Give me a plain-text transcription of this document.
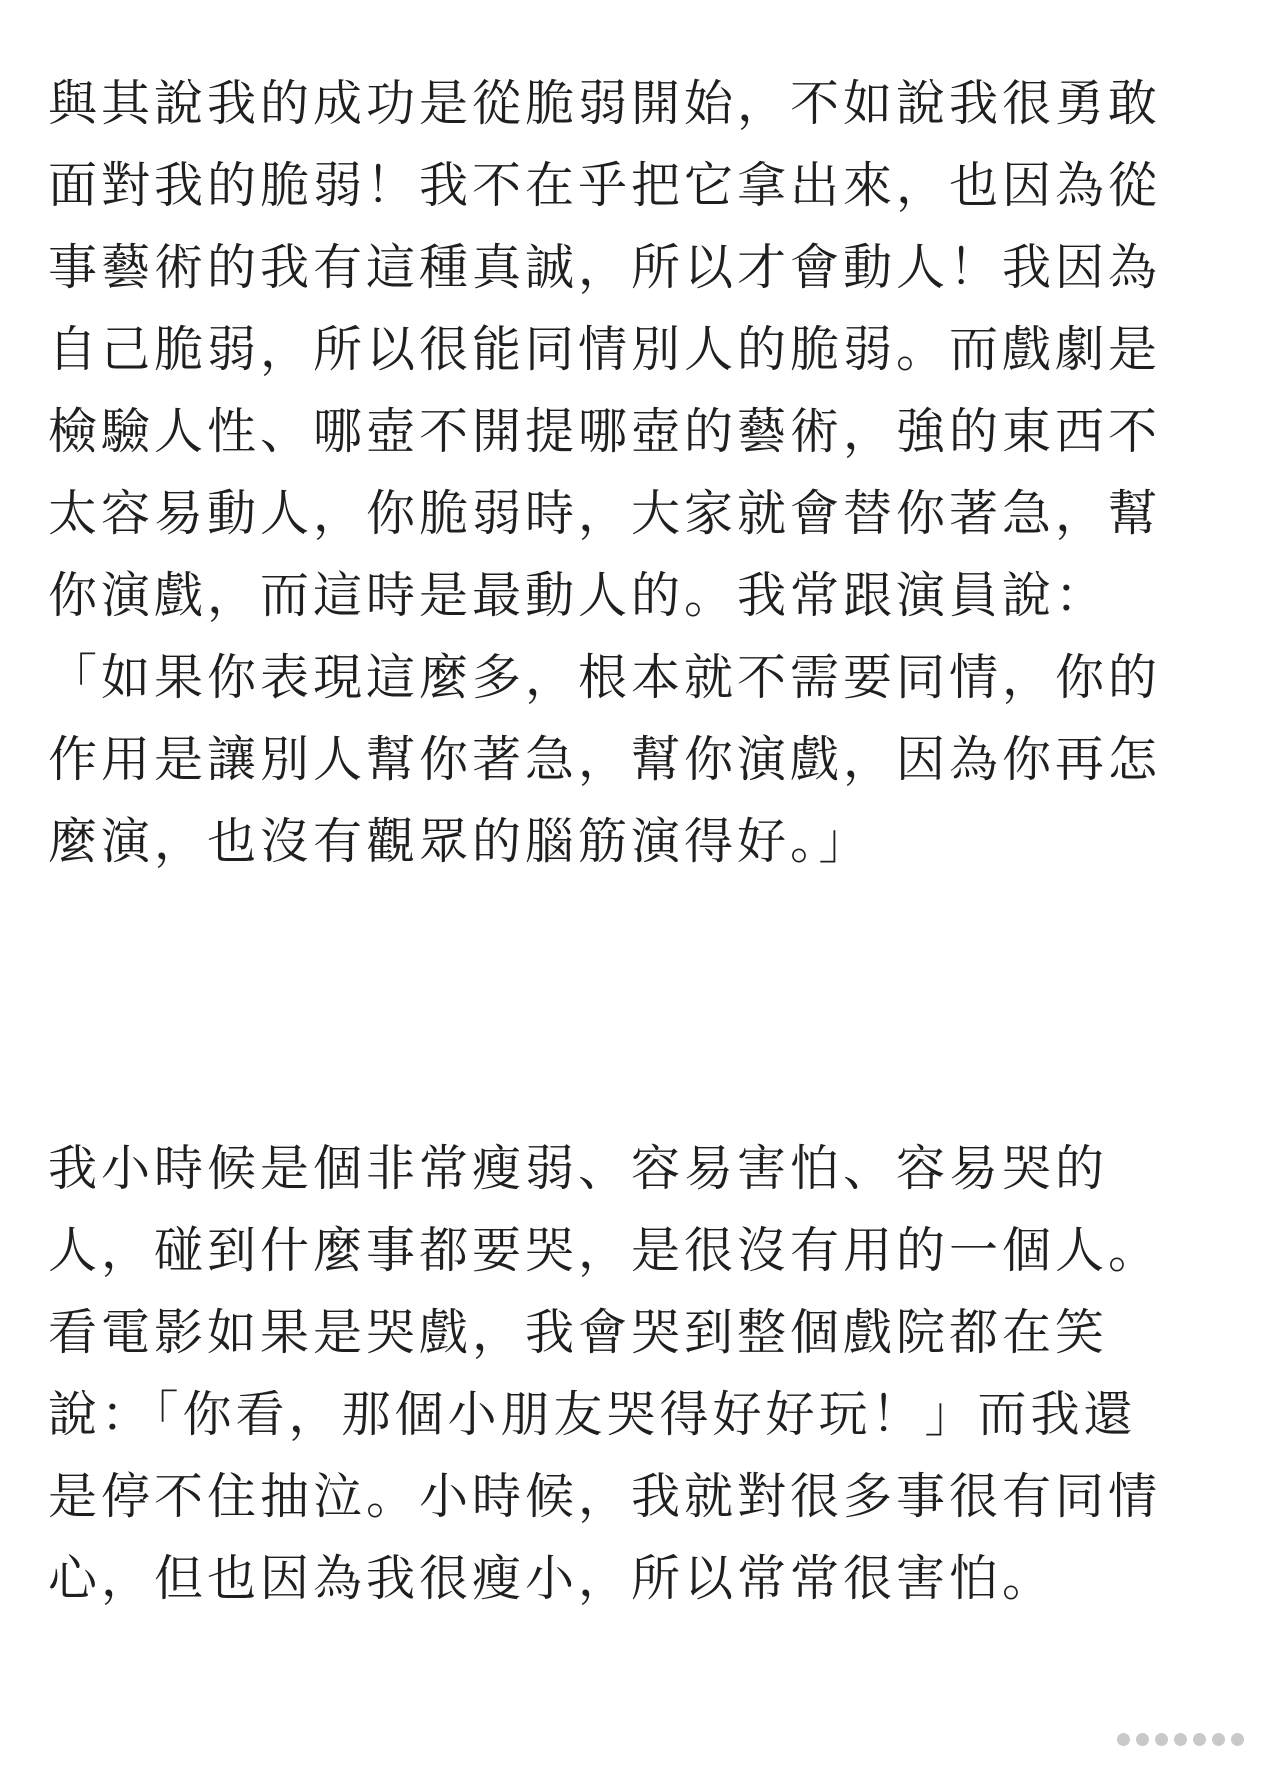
與其說我的成功是從脆弱開始，不如說我很勇敢
面對我的脆弱！我不在乎把它拿出來，也因為從
事藝術的我有這種真誠，所以才會動人！我因為
自己脆弱，所以很能同情別人的脆弱。而戲劇是
檢驗人性、哪壺不開提哪壺的藝術，強的東西不
太容易動人，你脆弱時，大家就會替你著急，幫
你演戲，而這時是最動人的。我常跟演員說：
「如果你表現這麼多，根本就不需要同情，你的
作用是讓別人幫你著急，幫你演戲，因為你再怎
麼演，也沒有觀眾的腦筋演得好。」
我小時候是個非常瘦弱、容易害怕、容易哭的
人，碰到什麼事都要哭，是很沒有用的一個人。
看電影如果是哭戲，我會哭到整個戲院都在笑
說：「你看，那個小朋友哭得好好玩！」而我還
是停不住抽泣。小時候，我就對很多事很有同情
心，但也因為我很瘦小，所以常常很害怕。
